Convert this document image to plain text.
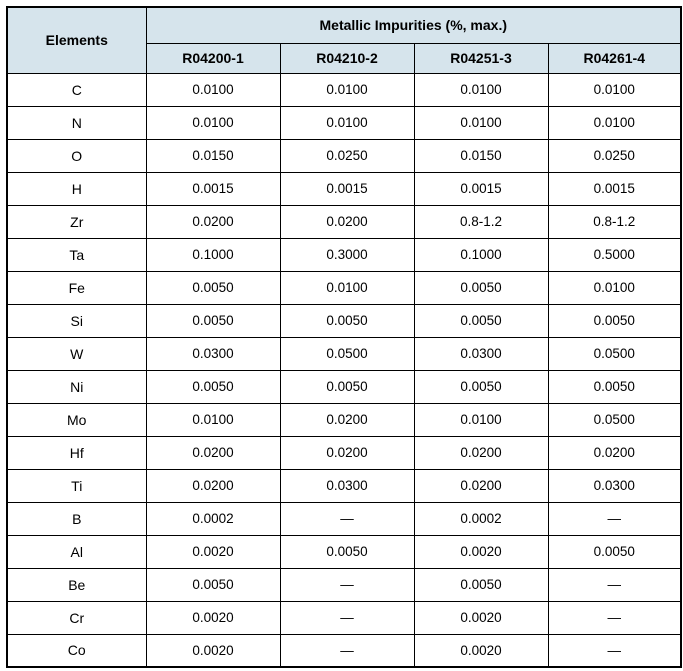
Elements	Metallic Impurities (%, max.)			
	R04200-1	R04210-2	R04251-3	R04261-4
C	0.0100	0.0100	0.0100	0.0100
N	0.0100	0.0100	0.0100	0.0100
O	0.0150	0.0250	0.0150	0.0250
H	0.0015	0.0015	0.0015	0.0015
Zr	0.0200	0.0200	0.8-1.2	0.8-1.2
Ta	0.1000	0.3000	0.1000	0.5000
Fe	0.0050	0.0100	0.0050	0.0100
Si	0.0050	0.0050	0.0050	0.0050
W	0.0300	0.0500	0.0300	0.0500
Ni	0.0050	0.0050	0.0050	0.0050
Mo	0.0100	0.0200	0.0100	0.0500
Hf	0.0200	0.0200	0.0200	0.0200
Ti	0.0200	0.0300	0.0200	0.0300
B	0.0002	—	0.0002	—
Al	0.0020	0.0050	0.0020	0.0050
Be	0.0050	—	0.0050	—
Cr	0.0020	—	0.0020	—
Co	0.0020	—	0.0020	—
